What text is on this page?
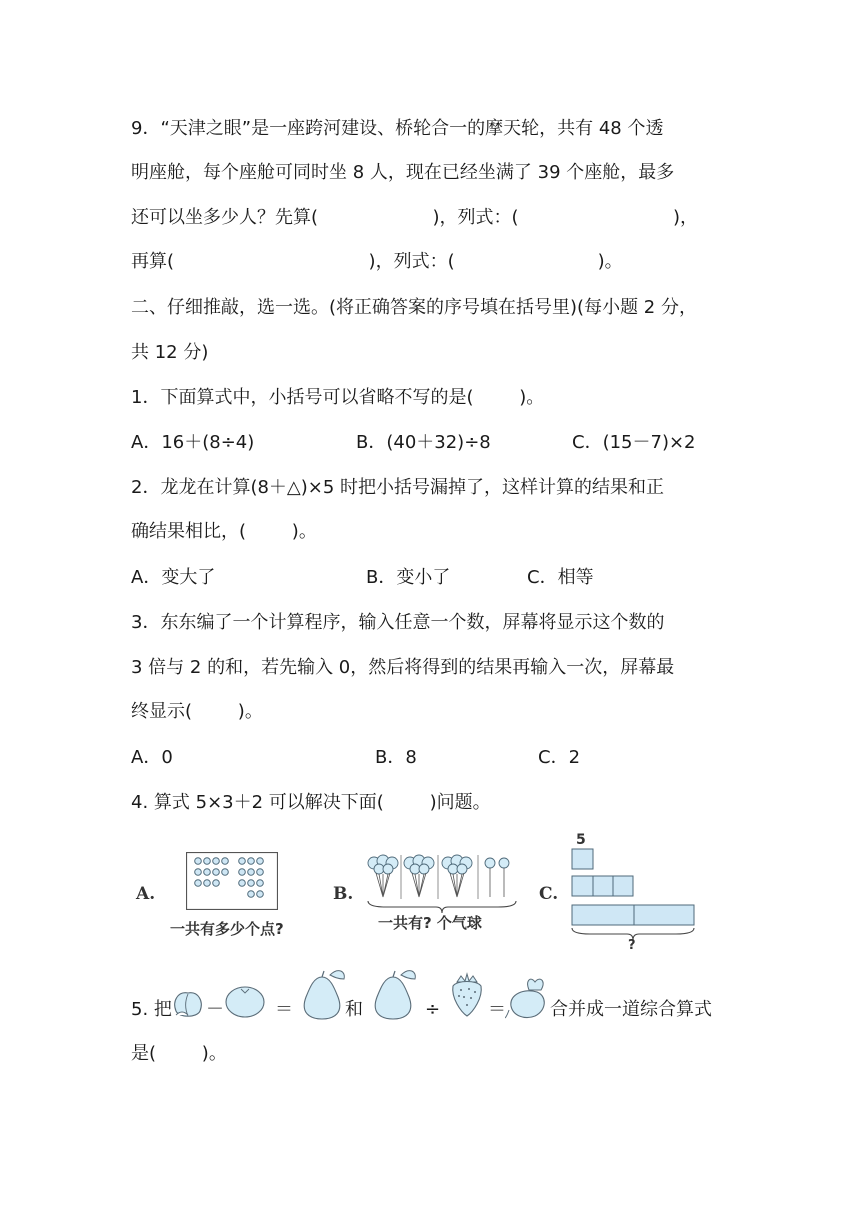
9．“天津之眼”是一座跨河建设、桥轮合一的摩天轮，共有 48 个透
明座舱，每个座舱可同时坐 8 人，现在已经坐满了 39 个座舱，最多
还可以坐多少人？先算(                    )，列式：(                           )，
再算(                                  )，列式：(                         )。
二、仔细推敲，选一选。(将正确答案的序号填在括号里)(每小题 2 分，
共 12 分)
1．下面算式中，小括号可以省略不写的是(        )。
A．16＋(8÷4)	B．(40＋32)÷8	C．(15－7)×2
2．龙龙在计算(8＋△)×5 时把小括号漏掉了，这样计算的结果和正
确结果相比，(        )。
A．变大了	B．变小了	C．相等
3．东东编了一个计算程序，输入任意一个数，屏幕将显示这个数的
3 倍与 2 的和，若先输入 0，然后将得到的结果再输入一次，屏幕最
终显示(        )。
A．0	B．8	C．2
4. 算式 5×3＋2 可以解决下面(        )问题。
A.
一共有多少个点?
B.
一共有? 个气球
C.
5
?
5. 把 －	＝	和	÷	＝ 合并成一道综合算式
是(        )。
